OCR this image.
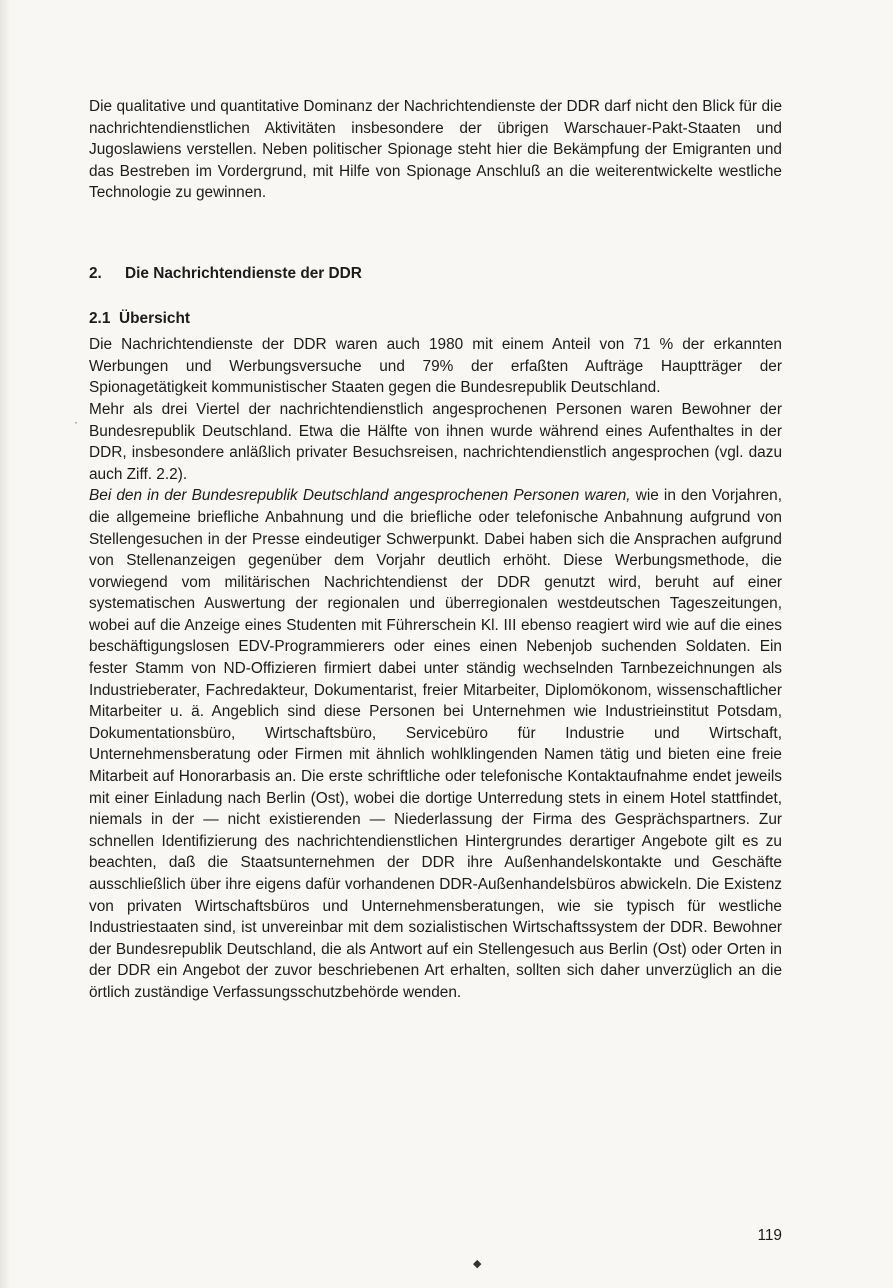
·

Die qualitative und quantitative Dominanz der Nachrichtendienste der DDR darf nicht den Blick für die nachrichtendienstlichen Aktivitäten insbesondere der übrigen Warschauer-Pakt-Staaten und Jugoslawiens verstellen. Neben politischer Spionage steht hier die Bekämpfung der Emigranten und das Bestreben im Vordergrund, mit Hilfe von Spionage Anschluß an die weiterentwickelte westliche Technologie zu gewinnen.

2. Die Nachrichtendienste der DDR
2.1 Übersicht

Die Nachrichtendienste der DDR waren auch 1980 mit einem Anteil von 71 % der erkannten Werbungen und Werbungsversuche und 79% der erfaßten Aufträge Hauptträger der Spionagetätigkeit kommunistischer Staaten gegen die Bundesrepublik Deutschland.

Mehr als drei Viertel der nachrichtendienstlich angesprochenen Personen waren Bewohner der Bundesrepublik Deutschland. Etwa die Hälfte von ihnen wurde während eines Aufenthaltes in der DDR, insbesondere anläßlich privater Besuchsreisen, nachrichtendienstlich angesprochen (vgl. dazu auch Ziff. 2.2).

Bei den in der Bundesrepublik Deutschland angesprochenen Personen waren, wie in den Vorjahren, die allgemeine briefliche Anbahnung und die briefliche oder telefonische Anbahnung aufgrund von Stellengesuchen in der Presse eindeutiger Schwerpunkt. Dabei haben sich die Ansprachen aufgrund von Stellenanzeigen gegenüber dem Vorjahr deutlich erhöht. Diese Werbungsmethode, die vorwiegend vom militärischen Nachrichtendienst der DDR genutzt wird, beruht auf einer systematischen Auswertung der regionalen und überregionalen westdeutschen Tageszeitungen, wobei auf die Anzeige eines Studenten mit Führerschein Kl. III ebenso reagiert wird wie auf die eines beschäftigungslosen EDV-Programmierers oder eines einen Nebenjob suchenden Soldaten. Ein fester Stamm von ND-Offizieren firmiert dabei unter ständig wechselnden Tarnbezeichnungen als Industrieberater, Fachredakteur, Dokumentarist, freier Mitarbeiter, Diplomökonom, wissenschaftlicher Mitarbeiter u. ä. Angeblich sind diese Personen bei Unternehmen wie Industrieinstitut Potsdam, Dokumentationsbüro, Wirtschaftsbüro, Servicebüro für Industrie und Wirtschaft, Unternehmensberatung oder Firmen mit ähnlich wohlklingenden Namen tätig und bieten eine freie Mitarbeit auf Honorarbasis an. Die erste schriftliche oder telefonische Kontaktaufnahme endet jeweils mit einer Einladung nach Berlin (Ost), wobei die dortige Unterredung stets in einem Hotel stattfindet, niemals in der — nicht existierenden — Niederlassung der Firma des Gesprächspartners. Zur schnellen Identifizierung des nachrichtendienstlichen Hintergrundes derartiger Angebote gilt es zu beachten, daß die Staatsunternehmen der DDR ihre Außenhandelskontakte und Geschäfte ausschließlich über ihre eigens dafür vorhandenen DDR-Außenhandelsbüros abwickeln. Die Existenz von privaten Wirtschaftsbüros und Unternehmensberatungen, wie sie typisch für westliche Industriestaaten sind, ist unvereinbar mit dem sozialistischen Wirtschaftssystem der DDR. Bewohner der Bundesrepublik Deutschland, die als Antwort auf ein Stellengesuch aus Berlin (Ost) oder Orten in der DDR ein Angebot der zuvor beschriebenen Art erhalten, sollten sich daher unverzüglich an die örtlich zuständige Verfassungsschutzbehörde wenden.

119
◆
